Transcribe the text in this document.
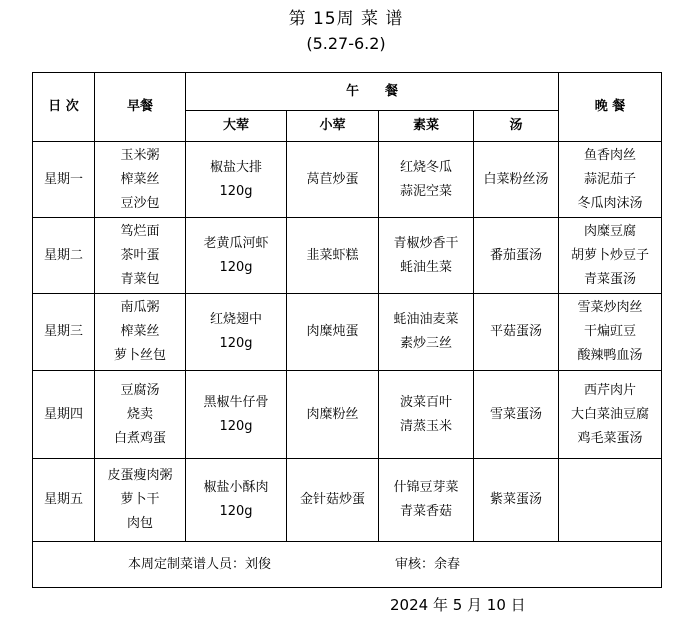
第 15周 菜 谱
(5.27-6.2)
日 次	早餐	午　　餐				晚 餐
		大荤	小荤	素菜	汤	
星期一	玉米粥
榨菜丝
豆沙包	椒盐大排
120g	莴苣炒蛋	红烧冬瓜
蒜泥空菜	白菜粉丝汤	鱼香肉丝
蒜泥茄子
冬瓜肉沫汤

星期二	笃烂面
茶叶蛋
青菜包	老黄瓜河虾
120g	韭菜虾糕	青椒炒香干
蚝油生菜	番茄蛋汤	肉糜豆腐
胡萝卜炒豆子
青菜蛋汤

星期三	南瓜粥
榨菜丝
萝卜丝包	红烧翅中
120g	肉糜炖蛋	蚝油油麦菜
素炒三丝	平菇蛋汤	雪菜炒肉丝
干煸豇豆
酸辣鸭血汤

星期四	豆腐汤
烧卖
白煮鸡蛋	黑椒牛仔骨
120g	肉糜粉丝	波菜百叶
清蒸玉米	雪菜蛋汤	西芹肉片
大白菜油豆腐
鸡毛菜蛋汤

星期五	皮蛋瘦肉粥
萝卜干
肉包	椒盐小酥肉
120g	金针菇炒蛋	什锦豆芽菜
青菜香菇	紫菜蛋汤	

本周定制菜谱人员：刘俊 审核：余春						
2024 年 5 月 10 日
